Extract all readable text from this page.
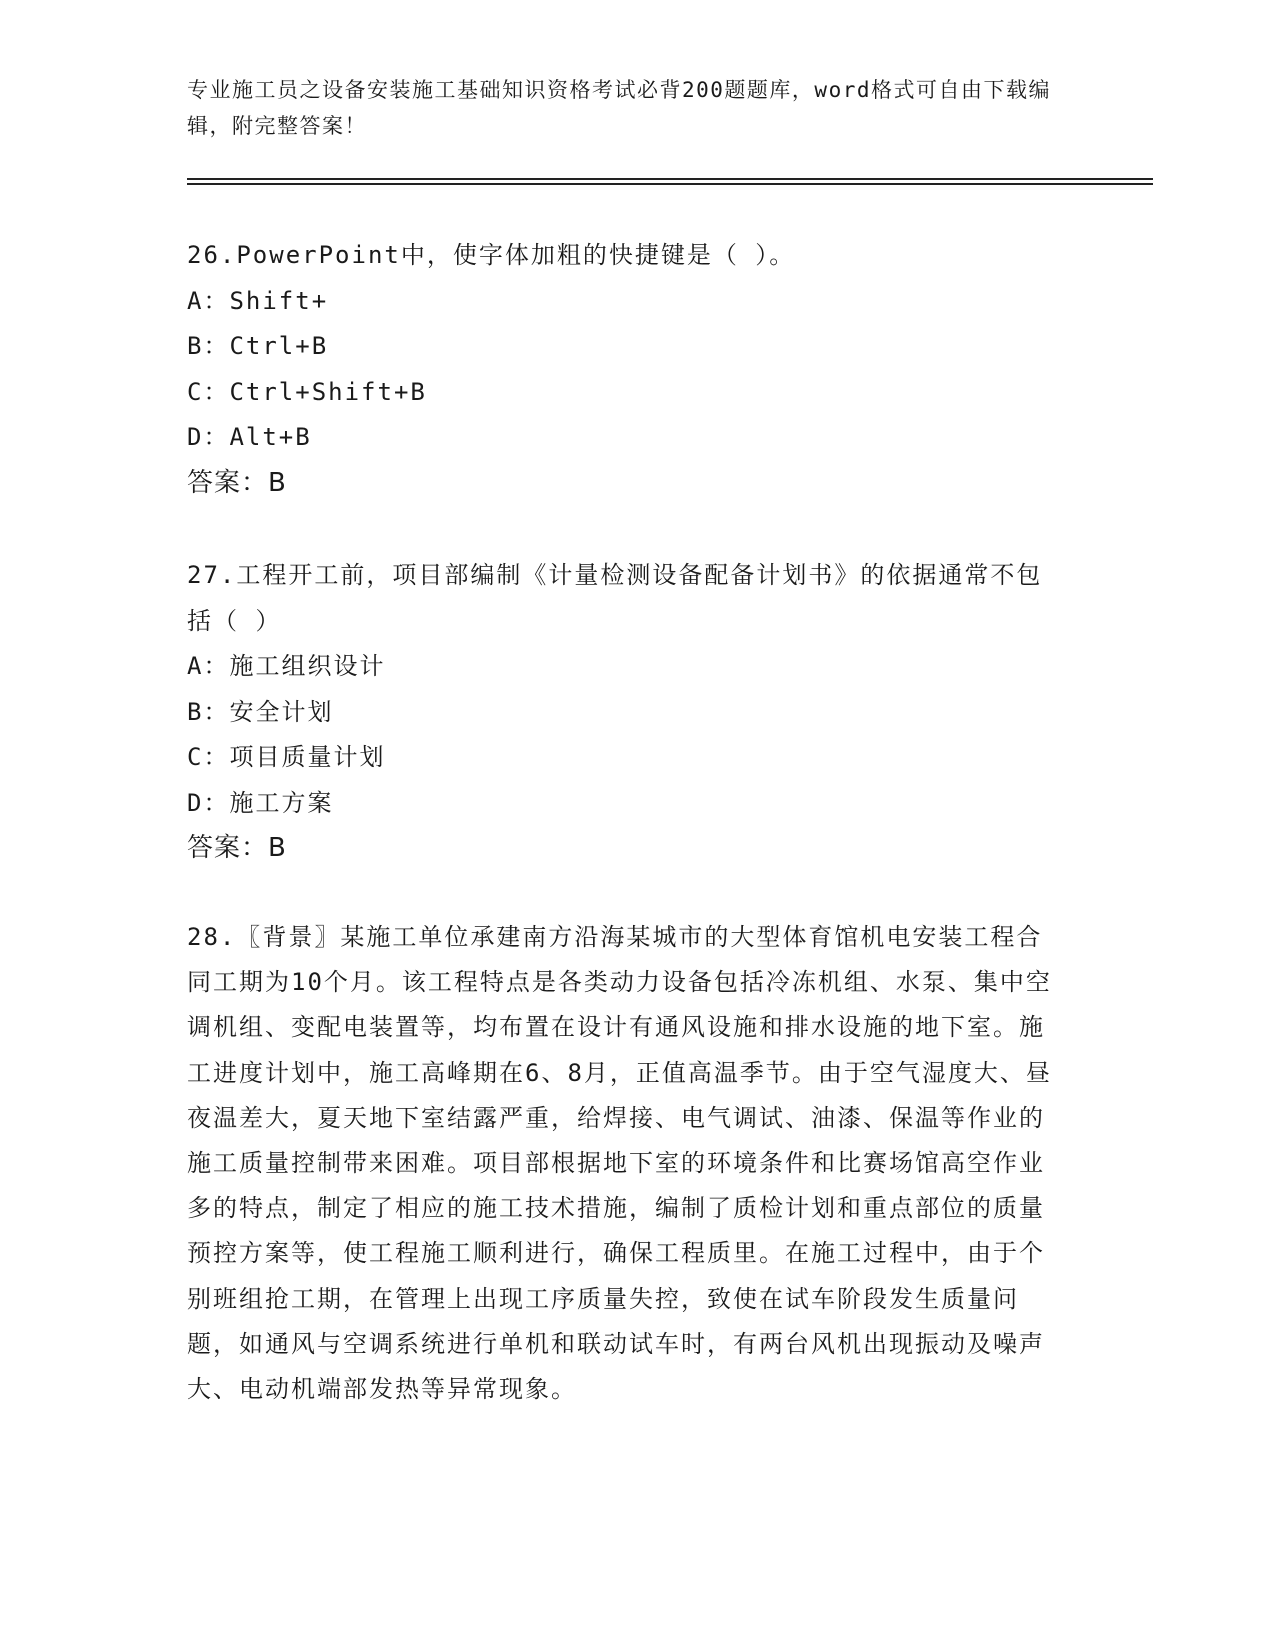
专业施工员之设备安装施工基础知识资格考试必背200题题库，word格式可自由下载编辑，附完整答案！
26.PowerPoint中，使字体加粗的快捷键是（ ）。
A：Shift+
B：Ctrl+B
C：Ctrl+Shift+B
D：Alt+B
答案：B
27.工程开工前，项目部编制《计量检测设备配备计划书》的依据通常不包括（ ）
A：施工组织设计
B：安全计划
C：项目质量计划
D：施工方案
答案：B
28.〖背景〗某施工单位承建南方沿海某城市的大型体育馆机电安装工程合同工期为10个月。该工程特点是各类动力设备包括冷冻机组、水泵、集中空调机组、变配电装置等，均布置在设计有通风设施和排水设施的地下室。施工进度计划中，施工高峰期在6、8月，正值高温季节。由于空气湿度大、昼夜温差大，夏天地下室结露严重，给焊接、电气调试、油漆、保温等作业的施工质量控制带来困难。项目部根据地下室的环境条件和比赛场馆高空作业多的特点，制定了相应的施工技术措施，编制了质检计划和重点部位的质量预控方案等，使工程施工顺利进行，确保工程质里。在施工过程中，由于个别班组抢工期，在管理上出现工序质量失控，致使在试车阶段发生质量问题，如通风与空调系统进行单机和联动试车时，有两台风机出现振动及噪声大、电动机端部发热等异常现象。
